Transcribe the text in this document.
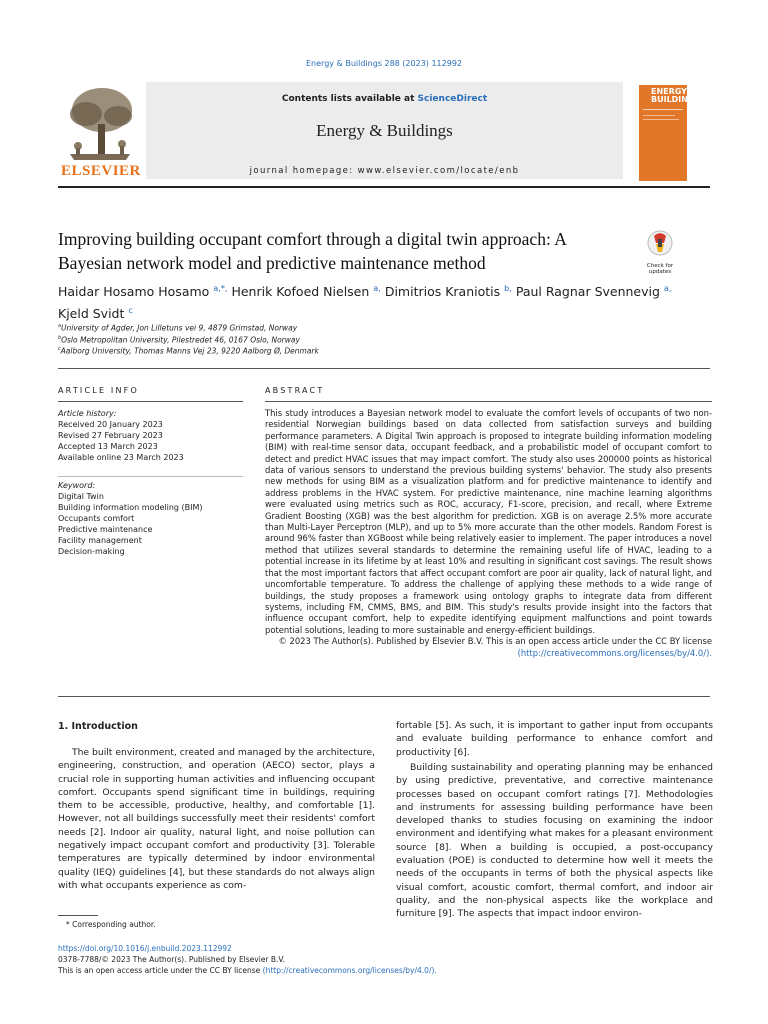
Energy & Buildings 288 (2023) 112992
Contents lists available at ScienceDirect
Energy & Buildings
journal homepage: www.elsevier.com/locate/enb
ELSEVIER
ENERGY
BUILDINGS
Improving building occupant comfort through a digital twin approach: A Bayesian network model and predictive maintenance method	Check for updates
Haidar Hosamo Hosamo $^{a,*,}$ Henrik Kofoed Nielsen $^{a,}$ Dimitrios Kraniotis $^{b,}$ Paul Ragnar Svennevig $^{a,}$
Kjeld Svidt $^c$
$^a$University of Agder, Jon Lilletuns vei 9, 4879 Grimstad, Norway
$^b$Oslo Metropolitan University, Pilestredet 46, 0167 Oslo, Norway
$^c$Aalborg University, Thomas Manns Vej 23, 9220 Aalborg Ø, Denmark
ARTICLE INFO
Article history:
Received 20 January 2023
Revised 27 February 2023
Accepted 13 March 2023
Available online 23 March 2023
Keyword:
Digital Twin
Building information modeling (BIM)
Occupants comfort
Predictive maintenance
Facility management
Decision-making
ABSTRACT

This study introduces a Bayesian network model to evaluate the comfort levels of occupants of two non-residential Norwegian buildings based on data collected from satisfaction surveys and building performance parameters. A Digital Twin approach is proposed to integrate building information modeling (BIM) with real-time sensor data, occupant feedback, and a probabilistic model of occupant comfort to detect and predict HVAC issues that may impact comfort. The study also uses 200000 points as historical data of various sensors to understand the previous building systems' behavior. The study also presents new methods for using BIM as a visualization platform and for predictive maintenance to identify and address problems in the HVAC system. For predictive maintenance, nine machine learning algorithms were evaluated using metrics such as ROC, accuracy, F1-score, precision, and recall, where Extreme Gradient Boosting (XGB) was the best algorithm for prediction. XGB is on average 2.5% more accurate than Multi-Layer Perceptron (MLP), and up to 5% more accurate than the other models. Random Forest is around 96% faster than XGBoost while being relatively easier to implement. The paper introduces a novel method that utilizes several standards to determine the remaining useful life of HVAC, leading to a potential increase in its lifetime by at least 10% and resulting in significant cost savings. The result shows that the most important factors that affect occupant comfort are poor air quality, lack of natural light, and uncomfortable temperature. To address the challenge of applying these methods to a wide range of buildings, the study proposes a framework using ontology graphs to integrate data from different systems, including FM, CMMS, BMS, and BIM. This study's results provide insight into the factors that influence occupant comfort, help to expedite identifying equipment malfunctions and point towards potential solutions, leading to more sustainable and energy-efficient buildings.

© 2023 The Author(s). Published by Elsevier B.V. This is an open access article under the CC BY license (http://creativecommons.org/licenses/by/4.0/).

1. Introduction
The built environment, created and managed by the architecture, engineering, construction, and operation (AECO) sector, plays a crucial role in supporting human activities and influencing occupant comfort. Occupants spend significant time in buildings, requiring them to be accessible, productive, healthy, and comfortable [1]. However, not all buildings successfully meet their residents' comfort needs [2]. Indoor air quality, natural light, and noise pollution can negatively impact occupant comfort and productivity [3]. Tolerable temperatures are typically determined by indoor environmental quality (IEQ) guidelines [4], but these standards do not always align with what occupants experience as com-
fortable [5]. As such, it is important to gather input from occupants and evaluate building performance to enhance comfort and productivity [6].
Building sustainability and operating planning may be enhanced by using predictive, preventative, and corrective maintenance processes based on occupant comfort ratings [7]. Methodologies and instruments for assessing building performance have been developed thanks to studies focusing on examining the indoor environment and identifying what makes for a pleasant environment source [8]. When a building is occupied, a post-occupancy evaluation (POE) is conducted to determine how well it meets the needs of the occupants in terms of both the physical aspects like visual comfort, acoustic comfort, thermal comfort, and indoor air quality, and the non-physical aspects like the workplace and furniture [9]. The aspects that impact indoor environ-
* Corresponding author.
https://doi.org/10.1016/j.enbuild.2023.112992
0378-7788/© 2023 The Author(s). Published by Elsevier B.V.
This is an open access article under the CC BY license (http://creativecommons.org/licenses/by/4.0/).
